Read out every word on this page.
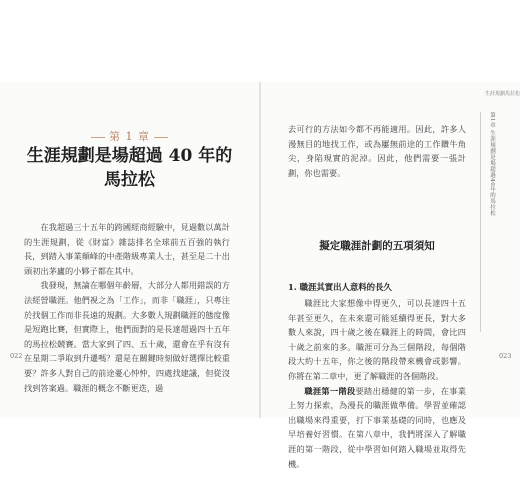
第 1 章
生涯規劃是場超過 40 年的
馬拉松

在我超過三十五年的跨國經商經驗中，見過數以萬計的生涯規劃，從《財富》雜誌排名全球前五百強的執行長，到踏入事業顛峰的中產階級專業人士，甚至是二十出頭初出茅廬的小夥子都在其中。

我發現，無論在哪個年齡層，大部分人都用錯誤的方法經營職涯。他們視之為「工作」，而非「職涯」，只專注於找個工作而非長遠的規劃。大多數人規劃職涯的態度像是短跑比賽，但實際上，他們面對的是長達超過四十五年的馬拉松競賽。當大家到了四、五十歲，還會在乎有沒有在星期二爭取到升遷嗎？還是在關鍵時刻做好選擇比較重要？許多人對自己的前途憂心忡忡，四處找建議，但從沒找到答案過。職涯的概念不斷更迭，過

022

去可行的方法如今都不再能適用。因此，許多人漫無目的地找工作，或為屢無前途的工作鑽牛角尖，身陷現實的泥淖。因此，他們需要一張計劃，你也需要。

擬定職涯計劃的五項須知
1. 職涯其實出人意料的長久

職涯比大家想像中得更久，可以長達四十五年甚至更久，在未來還可能延續得更長，對大多數人來說，四十歲之後在職涯上的時間，會比四十歲之前來的多。職涯可分為三個階段，每個階段大約十五年，你之後的階段帶來機會或影響。你將在第二章中，更了解職涯的各個階段。

職涯第一階段要踏出穩健的第一步，在事業上努力探索，為漫長的職涯做準備。學習並確認出職場來得重要，打下事業基礎的同時，也應及早培養好習慣。在第八章中，我們將深入了解職涯的第一階段，從中學習如何踏入職場並取得先機。

第1章 生涯規劃是場超過40年的馬拉松
023
生涯規劃馬拉松
